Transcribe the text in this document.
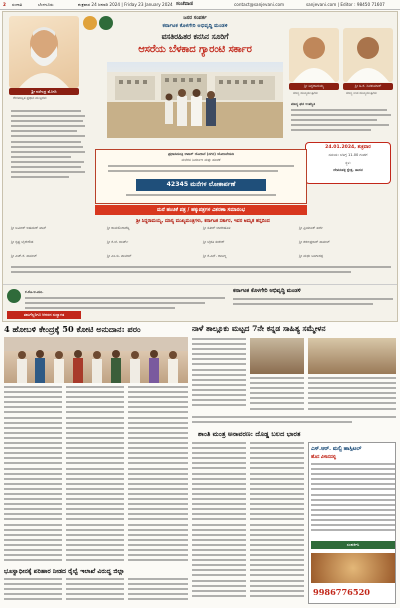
2 ಸಂಗಾತಿ	ಬೆಂಗಳೂರು	ಶುಕ್ರವಾರ 24 ಜನವರಿ 2024 | Friday 23 January 2024 ಸಂಜೆವಾಣಿ	contact@sanjevani.com	sanjevani.com | Editor : 98450 71607
ಶ್ರೀ ನರೇಂದ್ರ ಮೋದಿ
ಗೌರವಾನ್ವಿತ ಪ್ರಧಾನ ಮಂತ್ರಿಗಳು
ಜನರ ಸಂಪರ್ಕ
ಕರ್ನಾಟಕ ಕೊಳಗೇರಿ ಅಭಿವೃದ್ಧಿ ಮಂಡಳಿ
ವಸತಿರಹಿತರ ಕನಸಿನ ಸೂರಿಗೆ
ಆಸರೆಯ ಬೆಳಕಾದ ಗ್ಯಾರಂಟಿ ಸರ್ಕಾರ
ಶ್ರೀ ಸಿದ್ದರಾಮಯ್ಯ	ಶ್ರೀ ಡಿ.ಕೆ. ಶಿವಕುಮಾರ್
ಮಾನ್ಯ ಮುಖ್ಯಮಂತ್ರಿಗಳು	ಮಾನ್ಯ ಉಪ ಮುಖ್ಯಮಂತ್ರಿಗಳು
ಮಾನ್ಯ ಘನ ಉಪಸ್ಥಿತಿ
24.01.2024, ಶುಕ್ರವಾರ
ಸಮಯ: ಬೆಳಿಗ್ಗೆ 11.00 ಗಂಟೆಗೆ
ಸ್ಥಳ:
ದೇವನಹಳ್ಳಿ ಕ್ಷೇತ್ರ, ಹಾಸನ
ಪ್ರಧಾನಮಂತ್ರಿ ಆವಾಸ್ ಯೋಜನೆ (ನಗರ) ಯೋಜನೆಯಡಿ
ಮನೆಗಳ ನಿರ್ಮಾಣ ಮತ್ತು ಹಂಚಿಕೆ
42345 ಮನೆಗಳ ಲೋಕಾರ್ಪಣೆ
ಮನೆ ಹಂಚಿಕೆ ಪತ್ರ / ಹಕ್ಕುಪತ್ರಗಳ ವಿತರಣಾ ಸಮಾರಂಭ
ಶ್ರೀ ಸಿದ್ದರಾಮಯ್ಯ, ಮಾನ್ಯ ಮುಖ್ಯಮಂತ್ರಿಗಳು, ಕರ್ನಾಟಕ ಸರ್ಕಾರ, ಇವರ ಅಮೃತ ಹಸ್ತದಿಂದ
ಶ್ರೀ ಜಮೀರ್ ಅಹಮದ್ ಖಾನ್
ಶ್ರೀ ಕೃಷ್ಣ ಬೈರೇಗೌಡ
ಶ್ರೀ ಎಚ್.ಕೆ. ಪಾಟೀಲ್
ಶ್ರೀ ರಾಮಲಿಂಗಾರೆಡ್ಡಿ
ಶ್ರೀ ಕೆ.ಜೆ. ಜಾರ್ಜ್
ಶ್ರೀ ಎಂ.ಬಿ. ಪಾಟೀಲ್
ಶ್ರೀ ಸತೀಶ್ ಜಾರಕಿಹೊಳಿ
ಶ್ರೀ ಬೈರತಿ ಸುರೇಶ್
ಶ್ರೀ ಕೆ.ಎನ್. ರಾಜಣ್ಣ
ಶ್ರೀ ಪ್ರಿಯಾಂಕ್ ಖರ್ಗೆ
ಶ್ರೀ ಶರಣಪ್ರಕಾಶ್ ಪಾಟೀಲ್
ಶ್ರೀ ಮಧು ಬಂಗಾರಪ್ಪ
ಕ.ಕೊ.ಅ.ಮಂ.	ಕರ್ನಾಟಕ ಕೊಳಗೇರಿ ಅಭಿವೃದ್ಧಿ ಮಂಡಳಿ
ತಮಗೆಲ್ಲರಿಗೂ ಆದರದ ಸುಸ್ವಾಗತ
4 ಹೋಬಳಿ ಕೇಂದ್ರಕ್ಕೆ 50 ಕೋಟಿ ಅನುದಾನ: ಪರಂ	ನಾಳೆ ತಾಲ್ಲೂಕು ಮಟ್ಟದ 7ನೇ ಕನ್ನಡ ಸಾಹಿತ್ಯ ಸಮ್ಮೇಳನ
ಭೂಸ್ವಾಧೀನಕ್ಕೆ ಪರಿಹಾರ ನೀಡದ ರೈಲ್ವೆ ಇಲಾಖೆ ವಿರುದ್ಧ ಜಿಲ್ಲಾ
ಶಾಂತಿ ಮಂತ್ರ ಅನಾವರಣ: ದೊಡ್ಡ ಬಲದ ಭಾರತ
ಎಸ್.ಆರ್. ಮಲ್ಟಿ ಹಾಸ್ಪಿಟಲ್
ಹೊಸ ವಿಳಾಸದಲ್ಲಿ
ಸಂಪರ್ಕಿಸಿ
9986776520
